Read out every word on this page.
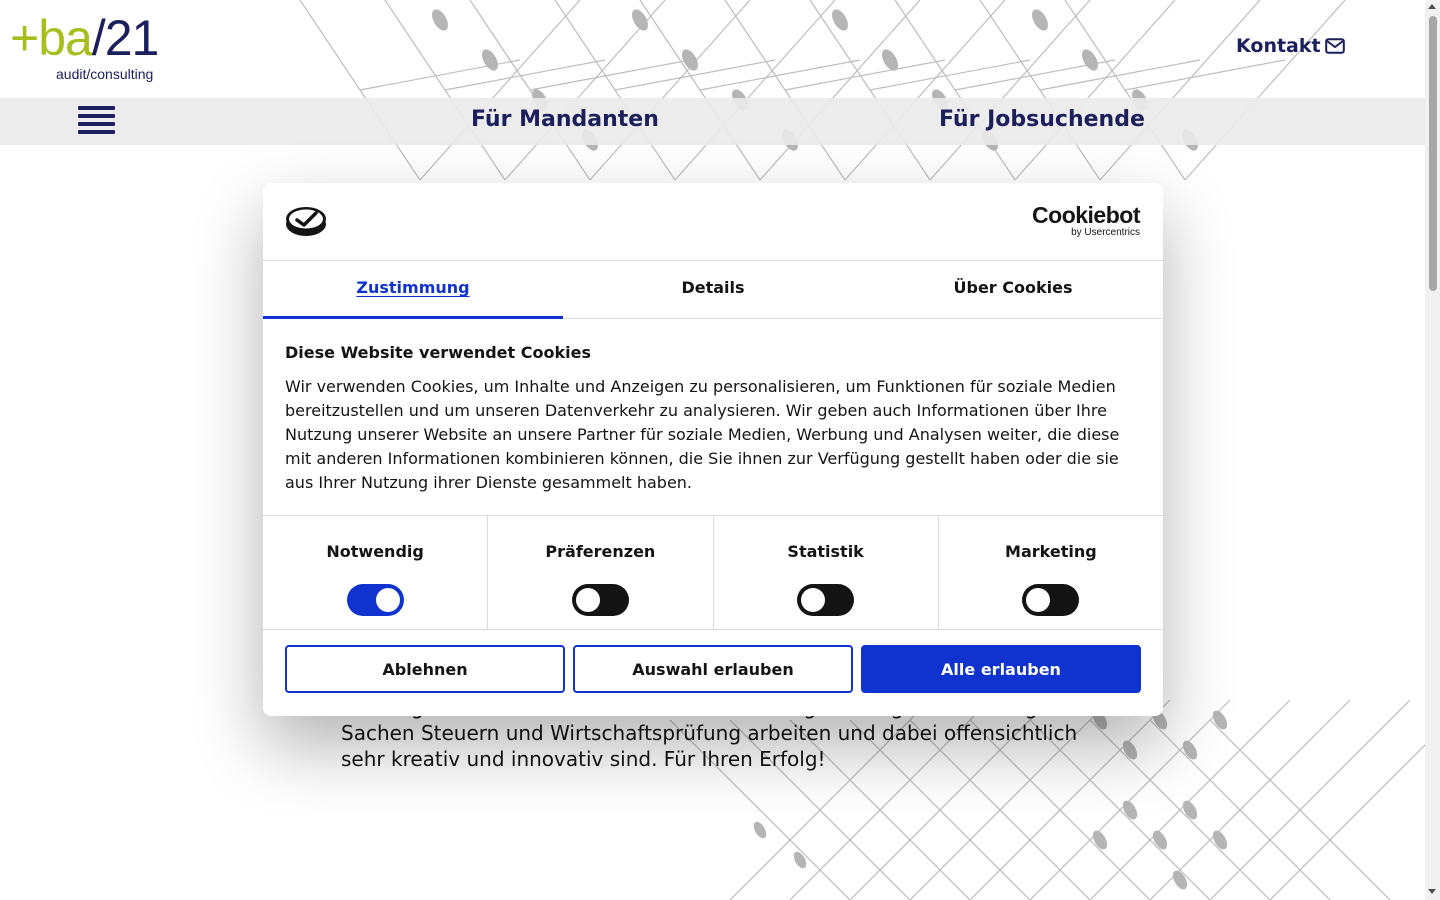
+ba/21
audit/consulting
Kontakt
Für Mandanten	Für Jobsuchende
Sachen Steuern und Wirtschaftsprüfung arbeiten und dabei offensichtlich sehr kreativ und innovativ sind. Für Ihren Erfolg!
Cookiebot
by Usercentrics
Zustimmung	Details	Über Cookies
Diese Website verwendet Cookies

Wir verwenden Cookies, um Inhalte und Anzeigen zu personalisieren, um Funktionen für soziale Medien bereitzustellen und um unseren Datenverkehr zu analysieren. Wir geben auch Informationen über Ihre Nutzung unserer Website an unsere Partner für soziale Medien, Werbung und Analysen weiter, die diese mit anderen Informationen kombinieren können, die Sie ihnen zur Verfügung gestellt haben oder die sie aus Ihrer Nutzung ihrer Dienste gesammelt haben.

Notwendig	Präferenzen	Statistik	Marketing
Ablehnen	Auswahl erlauben	Alle erlauben
